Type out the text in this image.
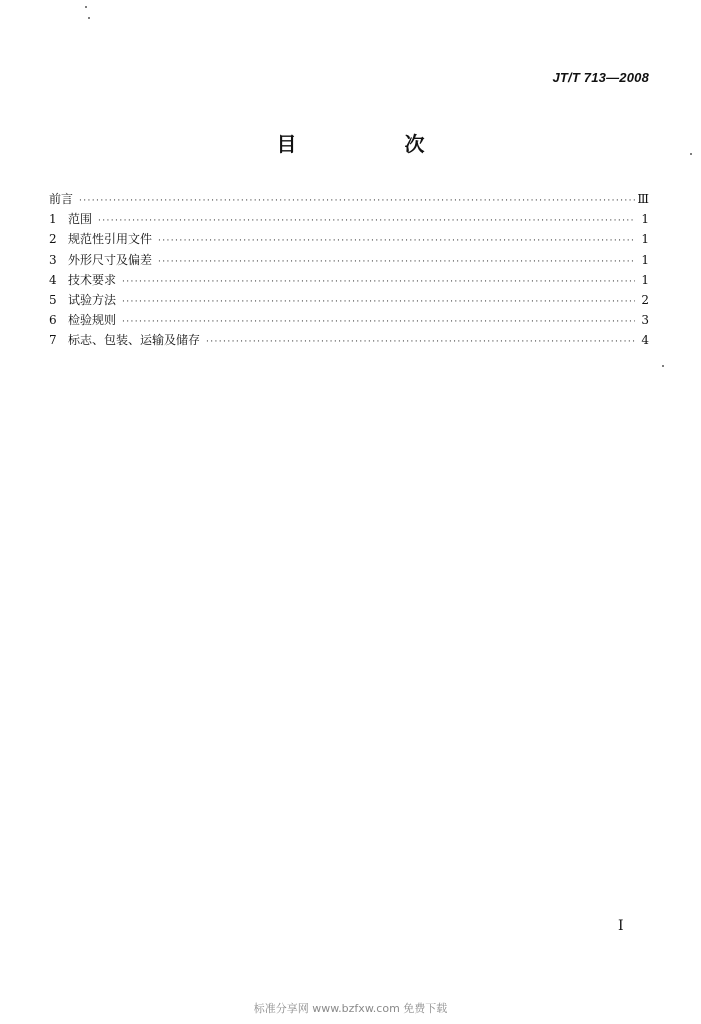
JT/T 713—2008
目　次
前言 ·····	Ⅲ
1 范围 ·····	1
2 规范性引用文件 ·····	1
3 外形尺寸及偏差 ·····	1
4 技术要求 ·····	1
5 试验方法 ·····	2
6 检验规则 ·····	3
7 标志、包装、运输及储存 ·····	4
Ⅰ
标准分享网 www.bzfxw.com 免费下载
